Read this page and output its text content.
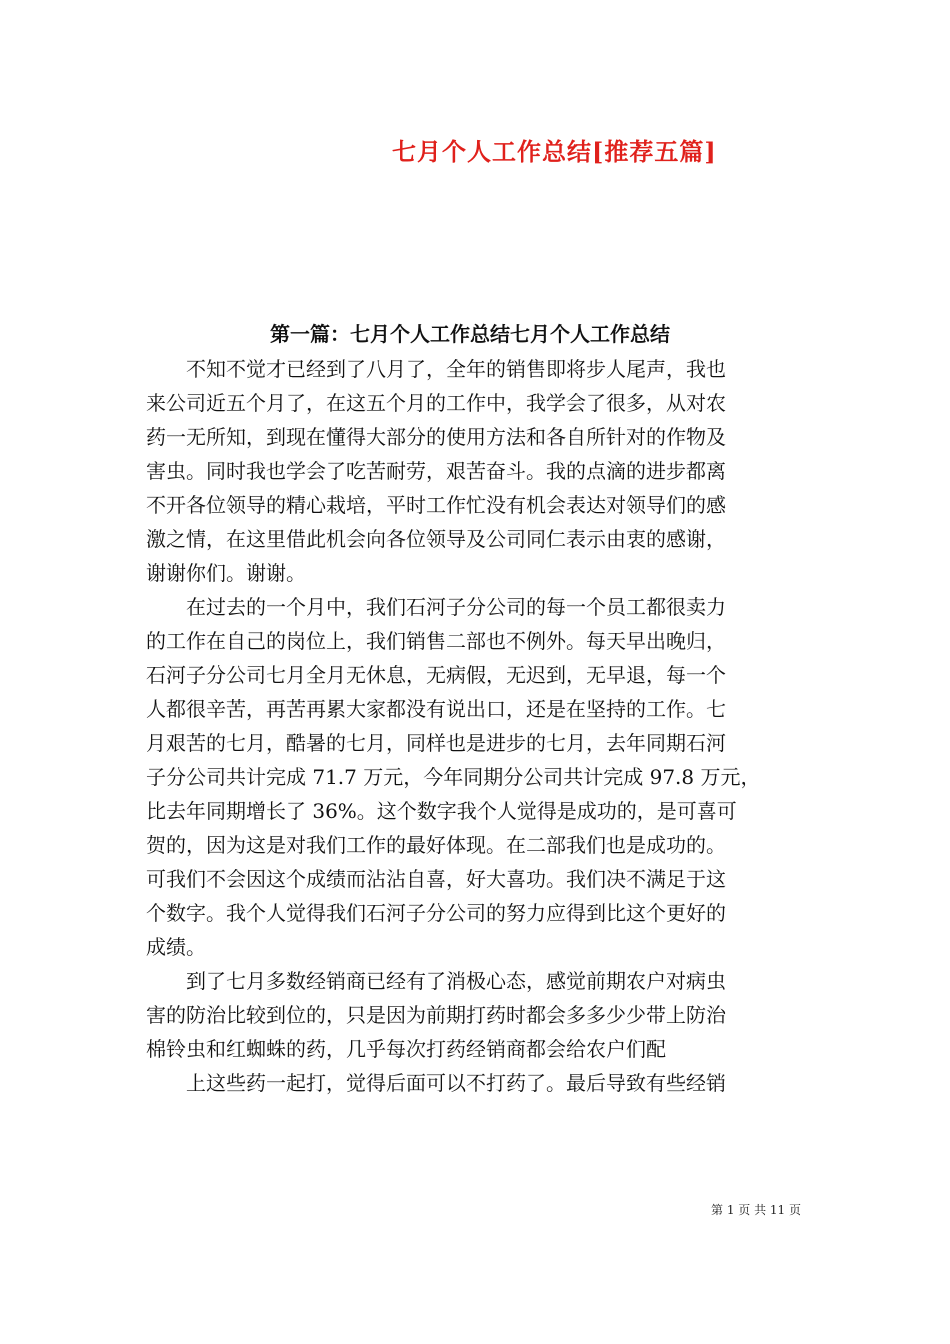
七月个人工作总结[推荐五篇]
第一篇：七月个人工作总结七月个人工作总结
　　不知不觉才已经到了八月了，全年的销售即将步人尾声，我也
来公司近五个月了，在这五个月的工作中，我学会了很多，从对农
药一无所知，到现在懂得大部分的使用方法和各自所针对的作物及
害虫。同时我也学会了吃苦耐劳，艰苦奋斗。我的点滴的进步都离
不开各位领导的精心栽培，平时工作忙没有机会表达对领导们的感
激之情，在这里借此机会向各位领导及公司同仁表示由衷的感谢，
谢谢你们。谢谢。
　　在过去的一个月中，我们石河子分公司的每一个员工都很卖力
的工作在自己的岗位上，我们销售二部也不例外。每天早出晚归，
石河子分公司七月全月无休息，无病假，无迟到，无早退，每一个
人都很辛苦，再苦再累大家都没有说出口，还是在坚持的工作。七
月艰苦的七月，酷暑的七月，同样也是进步的七月，去年同期石河
子分公司共计完成 71.7 万元，今年同期分公司共计完成 97.8 万元，
比去年同期增长了 36%。这个数字我个人觉得是成功的，是可喜可
贺的，因为这是对我们工作的最好体现。在二部我们也是成功的。
可我们不会因这个成绩而沾沾自喜，好大喜功。我们决不满足于这
个数字。我个人觉得我们石河子分公司的努力应得到比这个更好的
成绩。
　　到了七月多数经销商已经有了消极心态，感觉前期农户对病虫
害的防治比较到位的，只是因为前期打药时都会多多少少带上防治
棉铃虫和红蜘蛛的药，几乎每次打药经销商都会给农户们配
　　上这些药一起打，觉得后面可以不打药了。最后导致有些经销
第 1 页 共 11 页
